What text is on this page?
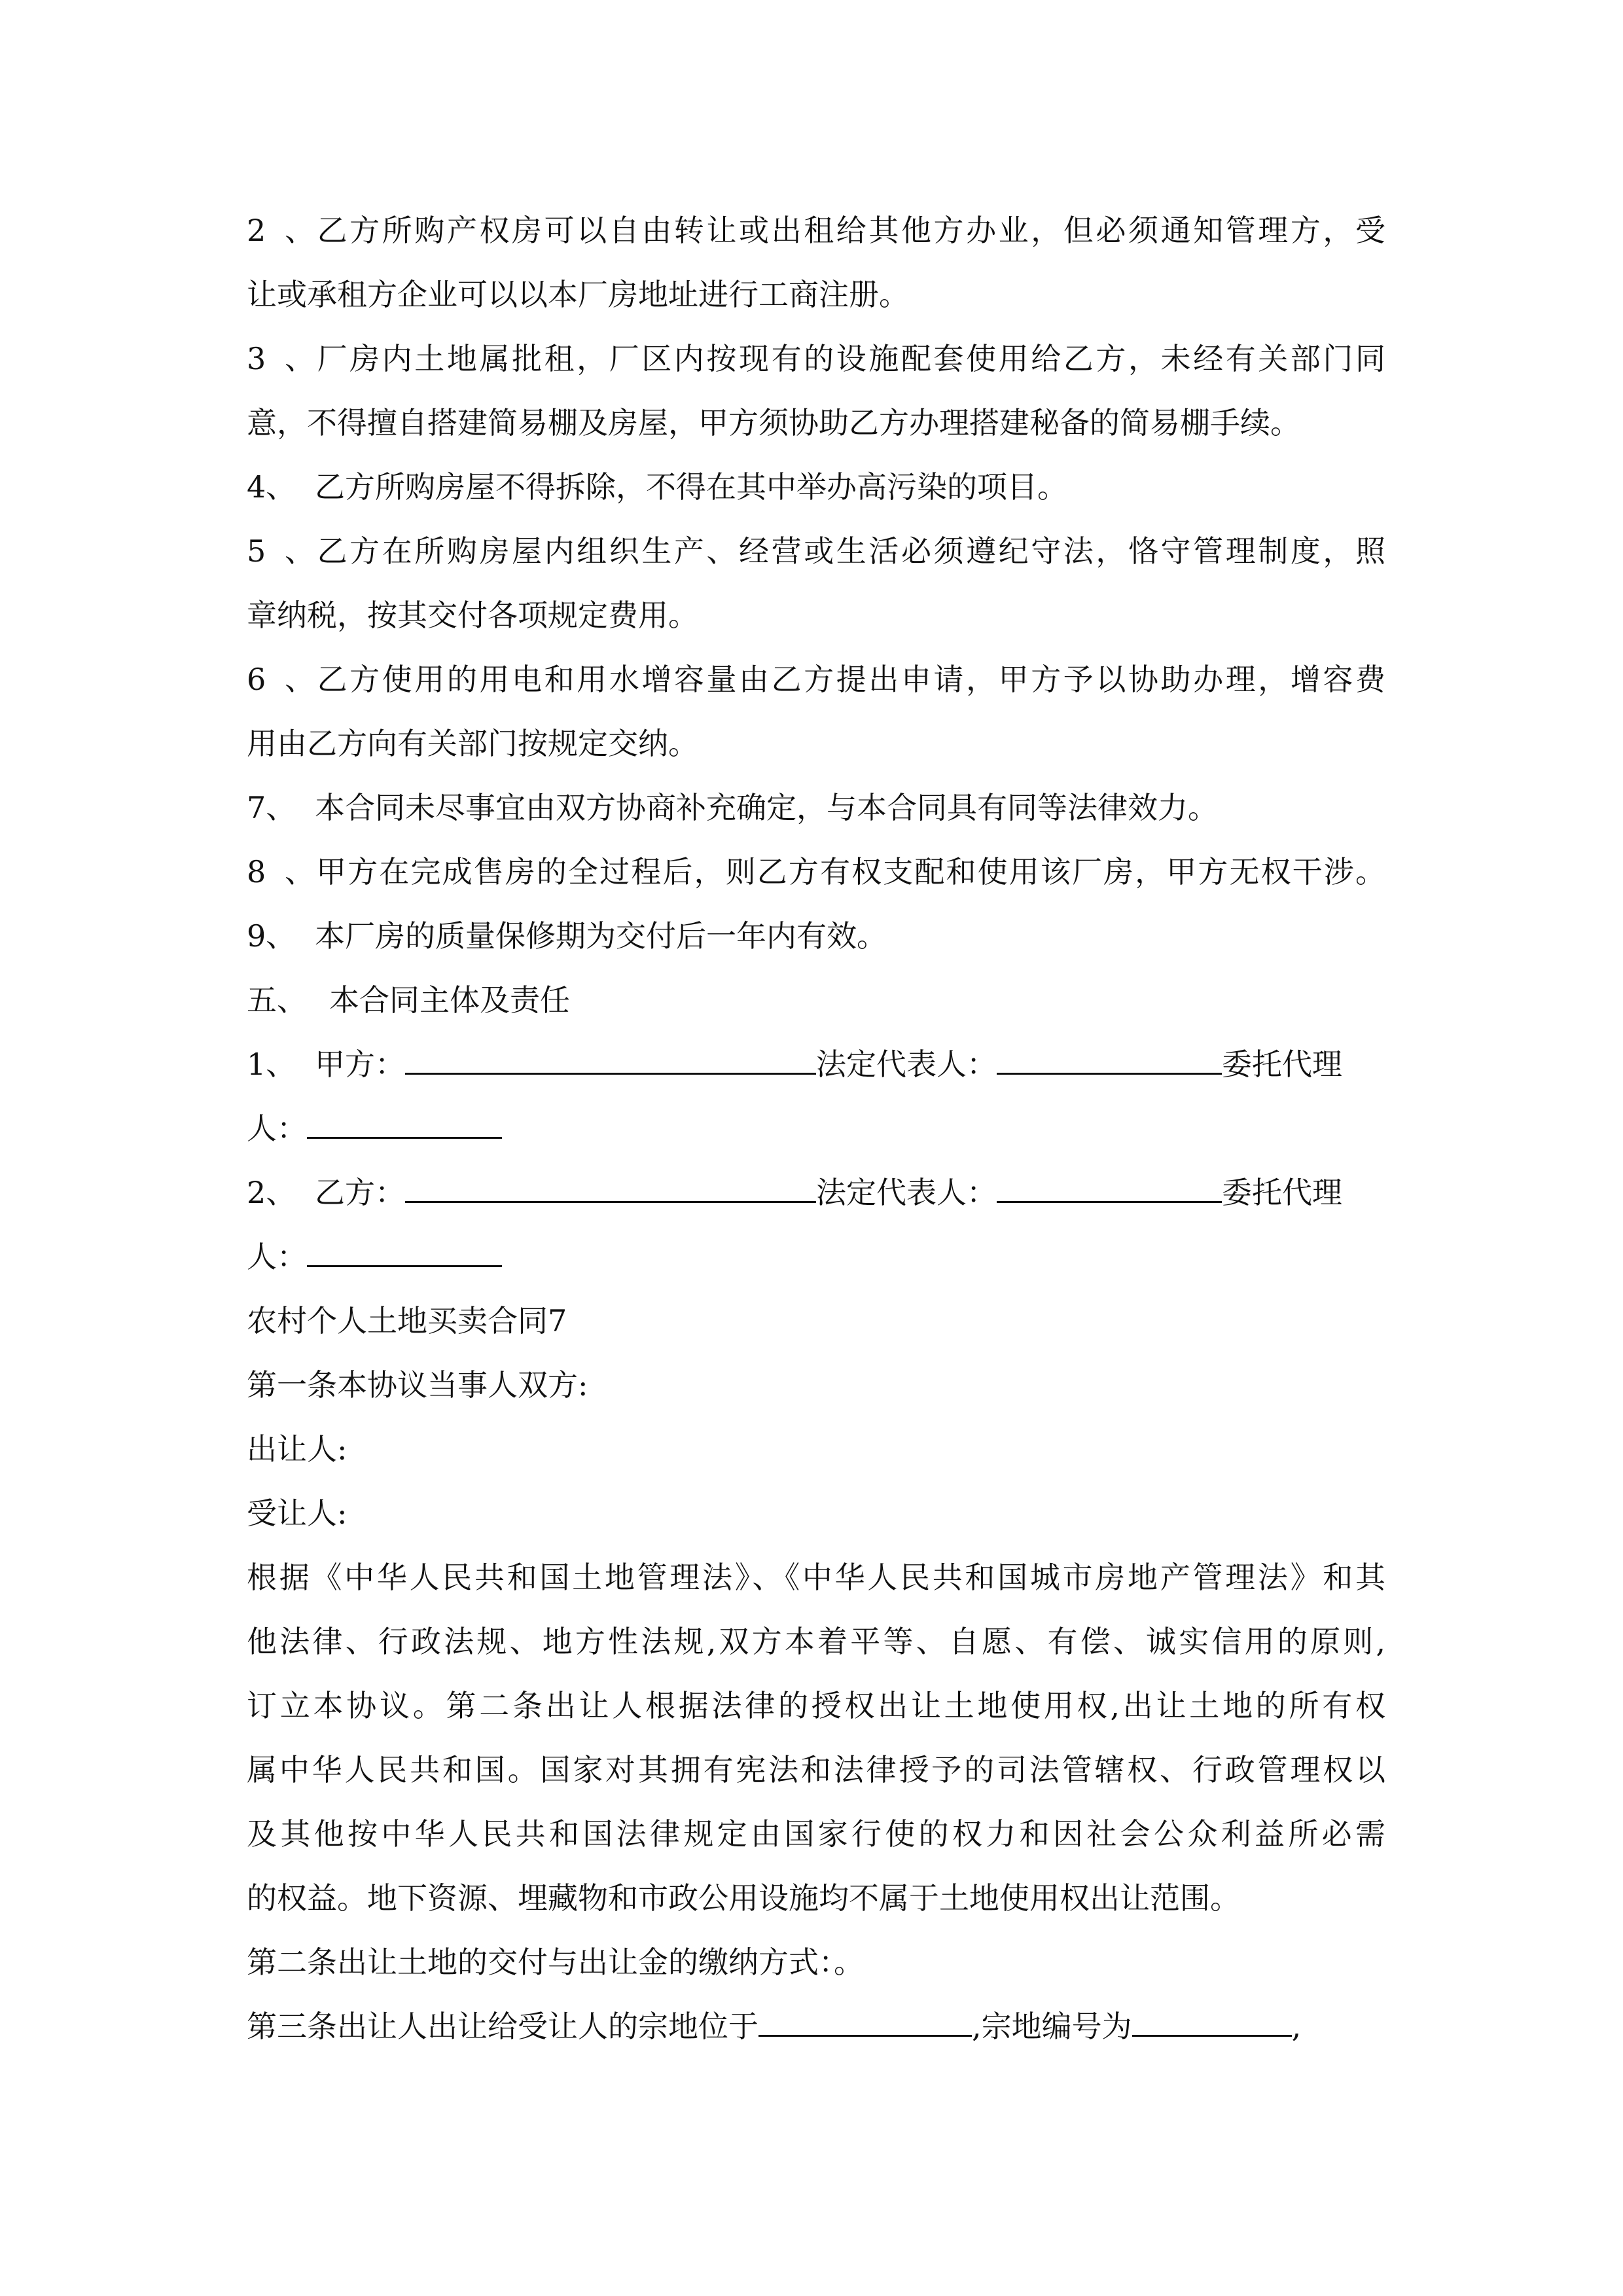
2、乙方所购产权房可以自由转让或出租给其他方办业，但必须通知管理方，受
让或承租方企业可以以本厂房地址进行工商注册。
3、厂房内土地属批租，厂区内按现有的设施配套使用给乙方，未经有关部门同
意，不得擅自搭建简易棚及房屋，甲方须协助乙方办理搭建秘备的简易棚手续。
4、 乙方所购房屋不得拆除，不得在其中举办高污染的项目。
5、乙方在所购房屋内组织生产、经营或生活必须遵纪守法，恪守管理制度，照
章纳税，按其交付各项规定费用。
6、乙方使用的用电和用水增容量由乙方提出申请，甲方予以协助办理，增容费
用由乙方向有关部门按规定交纳。
7、 本合同未尽事宜由双方协商补充确定，与本合同具有同等法律效力。
8、甲方在完成售房的全过程后，则乙方有权支配和使用该厂房，甲方无权干涉。
9、 本厂房的质量保修期为交付后一年内有效。
五、 本合同主体及责任
1、 甲方：	法定代表人：	委托代理
人：
2、 乙方：	法定代表人：	委托代理
人：
农村个人土地买卖合同7
第一条本协议当事人双方:
出让人:
受让人:
根据《中华人民共和国土地管理法》、《中华人民共和国城市房地产管理法》和其
他法律、行政法规、地方性法规,双方本着平等、自愿、有偿、诚实信用的原则,
订立本协议。第二条出让人根据法律的授权出让土地使用权,出让土地的所有权
属中华人民共和国。国家对其拥有宪法和法律授予的司法管辖权、行政管理权以
及其他按中华人民共和国法律规定由国家行使的权力和因社会公众利益所必需
的权益。地下资源、埋藏物和市政公用设施均不属于土地使用权出让范围。
第二条出让土地的交付与出让金的缴纳方式：。
第三条出让人出让给受让人的宗地位于	,宗地编号为	,
